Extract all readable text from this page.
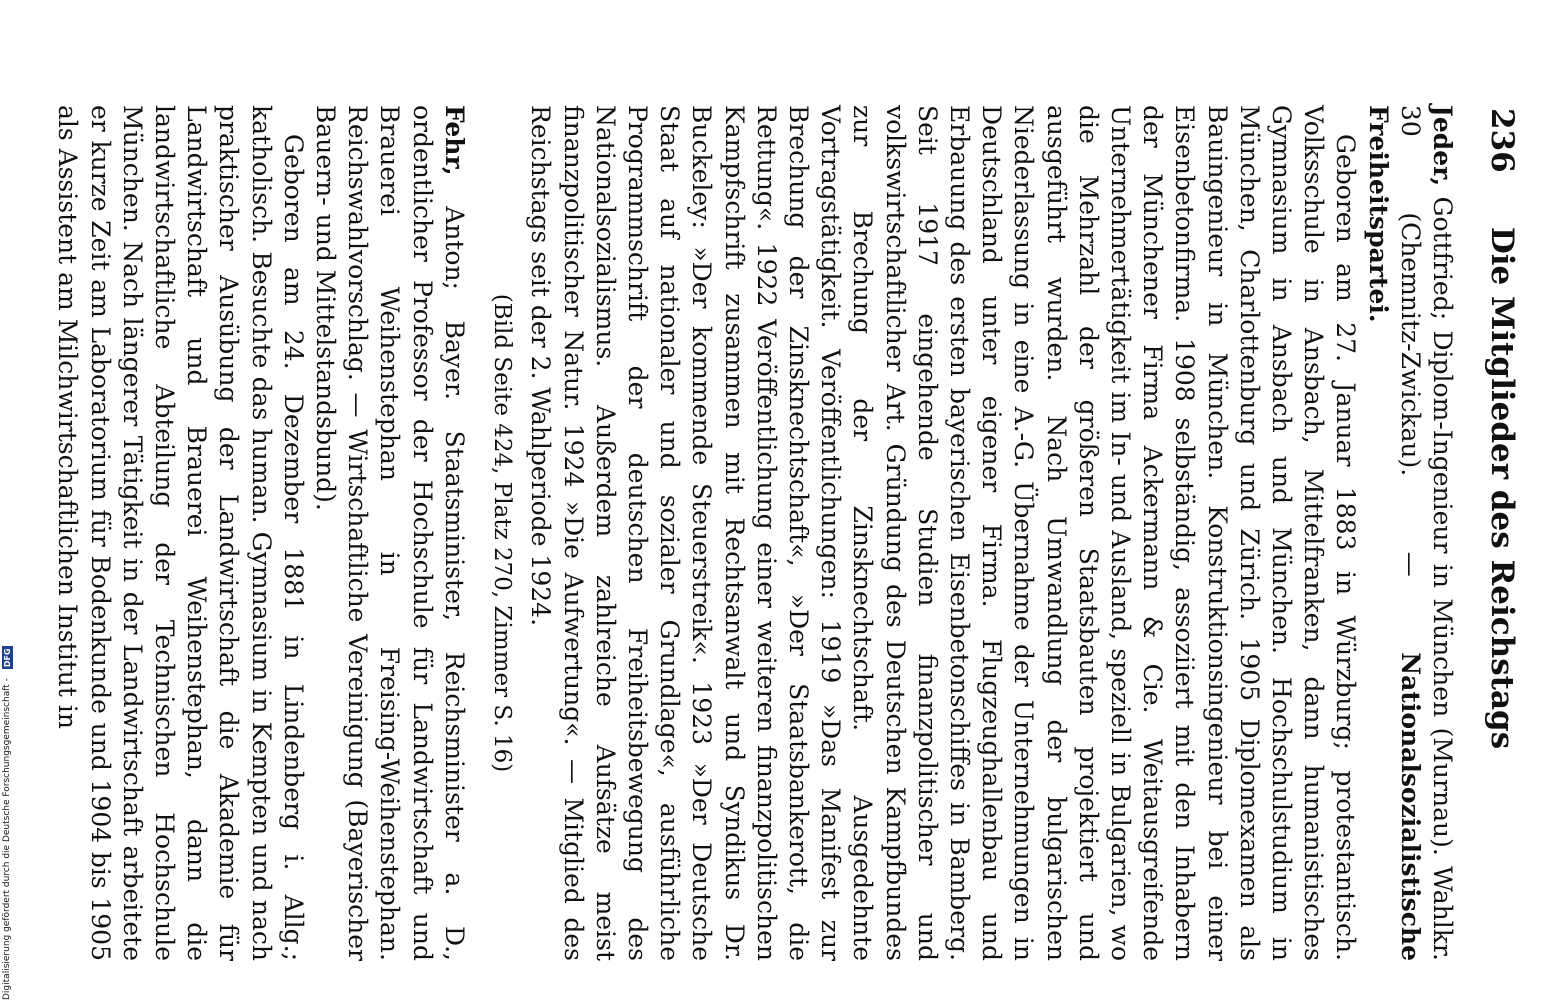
236
Die Mitglieder des Reichstags

Jeder, Gottfried; Diplom-Ingenieur in München (Murnau). Wahlkr. 30 (Chemnitz-Zwickau). — Nationalsozialistische Freiheitspartei.

Geboren am 27. Januar 1883 in Würzburg; protestantisch. Volksschule in Ansbach, Mittelfranken, dann humanistisches Gymnasium in Ansbach und München. Hochschulstudium in München, Charlottenburg und Zürich. 1905 Diplomexamen als Bauingenieur in München. Konstruktionsingenieur bei einer Eisenbetonfirma. 1908 selbständig, assoziiert mit den Inhabern der Münchener Firma Ackermann & Cie. Weitausgreifende Unternehmertätigkeit im In- und Ausland, speziell in Bulgarien, wo die Mehrzahl der größeren Staatsbauten projektiert und ausgeführt wurden. Nach Umwandlung der bulgarischen Niederlassung in eine A.-G. Übernahme der Unternehmungen in Deutschland unter eigener Firma. Flugzeughallenbau und Erbauung des ersten bayerischen Eisenbetonschiffes in Bamberg. Seit 1917 eingehende Studien finanzpolitischer und volkswirtschaftlicher Art. Gründung des Deutschen Kampfbundes zur Brechung der Zinsknechtschaft. Ausgedehnte Vortragstätigkeit. Veröffentlichungen: 1919 »Das Manifest zur Brechung der Zinsknechtschaft«, »Der Staatsbankerott, die Rettung«. 1922 Veröffentlichung einer weiteren finanzpolitischen Kampfschrift zusammen mit Rechtsanwalt und Syndikus Dr. Buckeley: »Der kommende Steuerstreik«. 1923 »Der Deutsche Staat auf nationaler und sozialer Grundlage«, ausführliche Programmschrift der deutschen Freiheitsbewegung des Nationalsozialismus. Außerdem zahlreiche Aufsätze meist finanzpolitischer Natur. 1924 »Die Aufwertung«. — Mitglied des Reichstags seit der 2. Wahlperiode 1924.

(Bild Seite 424, Platz 270, Zimmer S. 16)

Fehr, Anton; Bayer. Staatsminister, Reichsminister a. D., ordentlicher Professor der Hochschule für Landwirtschaft und Brauerei Weihenstephan in Freising-Weihenstephan. Reichswahlvorschlag. — Wirtschaftliche Vereinigung (Bayerischer Bauern- und Mittelstandsbund).

Geboren am 24. Dezember 1881 in Lindenberg i. Allg.; katholisch. Besuchte das human. Gymnasium in Kempten und nach praktischer Ausübung der Landwirtschaft die Akademie für Landwirtschaft und Brauerei Weihenstephan, dann die landwirtschaftliche Abteilung der Technischen Hochschule München. Nach längerer Tätigkeit in der Landwirtschaft arbeitete er kurze Zeit am Laboratorium für Bodenkunde und 1904 bis 1905 als Assistent am Milchwirtschaftlichen Institut in

Digitalisierung gefördert durch die Deutsche Forschungsgemeinschaft -
DFG
